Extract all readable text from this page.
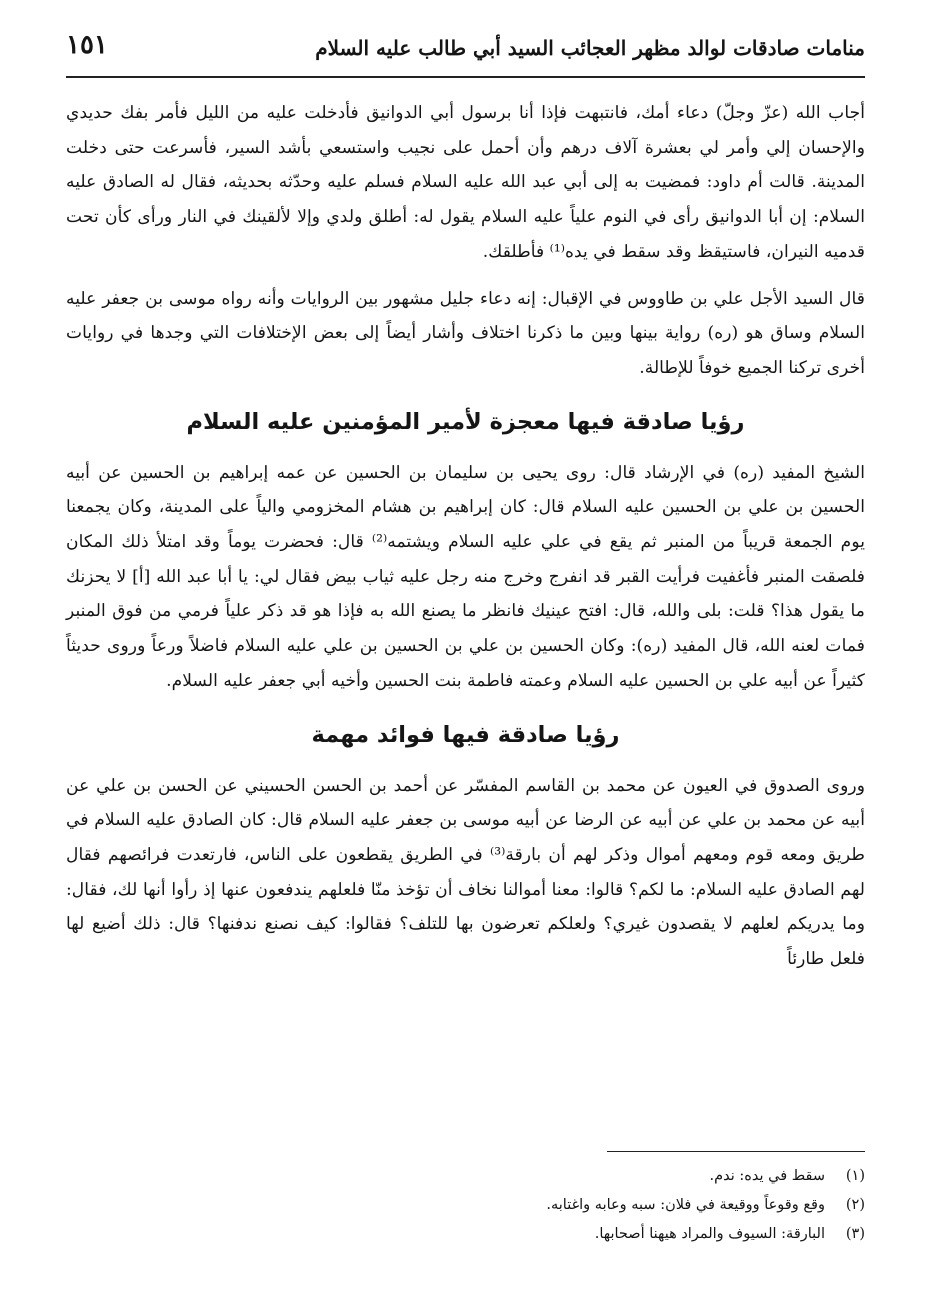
منامات صادقات لوالد مظهر العجائب السيد أبي طالب عليه السلام
١٥١

أجاب الله (عزّ وجلّ) دعاء أمك، فانتبهت فإذا أنا برسول أبي الدوانيق فأدخلت عليه من الليل فأمر بفك حديدي والإحسان إلي وأمر لي بعشرة آلاف درهم وأن أحمل على نجيب واستسعي بأشد السير، فأسرعت حتى دخلت المدينة. قالت أم داود: فمضيت به إلى أبي عبد الله عليه السلام فسلم عليه وحدّثه بحديثه، فقال له الصادق عليه السلام: إن أبا الدوانيق رأى في النوم علياً عليه السلام يقول له: أطلق ولدي وإلا لألقينك في النار ورأى كأن تحت قدميه النيران، فاستيقظ وقد سقط في يده⁽¹⁾ فأطلقك.

قال السيد الأجل علي بن طاووس في الإقبال: إنه دعاء جليل مشهور بين الروايات وأنه رواه موسى بن جعفر عليه السلام وساق هو (ره) رواية بينها وبين ما ذكرنا اختلاف وأشار أيضاً إلى بعض الإختلافات التي وجدها في روايات أخرى تركنا الجميع خوفاً للإطالة.

رؤيا صادقة فيها معجزة لأمير المؤمنين عليه السلام

الشيخ المفيد (ره) في الإرشاد قال: روى يحيى بن سليمان بن الحسين عن عمه إبراهيم بن الحسين عن أبيه الحسين بن علي بن الحسين عليه السلام قال: كان إبراهيم بن هشام المخزومي والياً على المدينة، وكان يجمعنا يوم الجمعة قريباً من المنبر ثم يقع في علي عليه السلام ويشتمه⁽²⁾ قال: فحضرت يوماً وقد امتلأ ذلك المكان فلصقت المنبر فأغفيت فرأيت القبر قد انفرج وخرج منه رجل عليه ثياب بيض فقال لي: يا أبا عبد الله [أ] لا يحزنك ما يقول هذا؟ قلت: بلى والله، قال: افتح عينيك فانظر ما يصنع الله به فإذا هو قد ذكر علياً فرمي من فوق المنبر فمات لعنه الله، قال المفيد (ره): وكان الحسين بن علي بن الحسين بن علي عليه السلام فاضلاً ورعاً وروى حديثاً كثيراً عن أبيه علي بن الحسين عليه السلام وعمته فاطمة بنت الحسين وأخيه أبي جعفر عليه السلام.

رؤيا صادقة فيها فوائد مهمة

وروى الصدوق في العيون عن محمد بن القاسم المفسّر عن أحمد بن الحسن الحسيني عن الحسن بن علي عن أبيه عن محمد بن علي عن أبيه عن الرضا عن أبيه موسى بن جعفر عليه السلام قال: كان الصادق عليه السلام في طريق ومعه قوم ومعهم أموال وذكر لهم أن بارقة⁽³⁾ في الطريق يقطعون على الناس، فارتعدت فرائصهم فقال لهم الصادق عليه السلام: ما لكم؟ قالوا: معنا أموالنا نخاف أن تؤخذ منّا فلعلهم يندفعون عنها إذ رأوا أنها لك، فقال: وما يدريكم لعلهم لا يقصدون غيري؟ ولعلكم تعرضون بها للتلف؟ فقالوا: كيف نصنع ندفنها؟ قال: ذلك أضيع لها فلعل طارئاً

(١)سقط في يده: ندم.

(٢)وقع وقوعاً ووقيعة في فلان: سبه وعابه واغتابه.

(٣)البارقة: السيوف والمراد هيهنا أصحابها.
